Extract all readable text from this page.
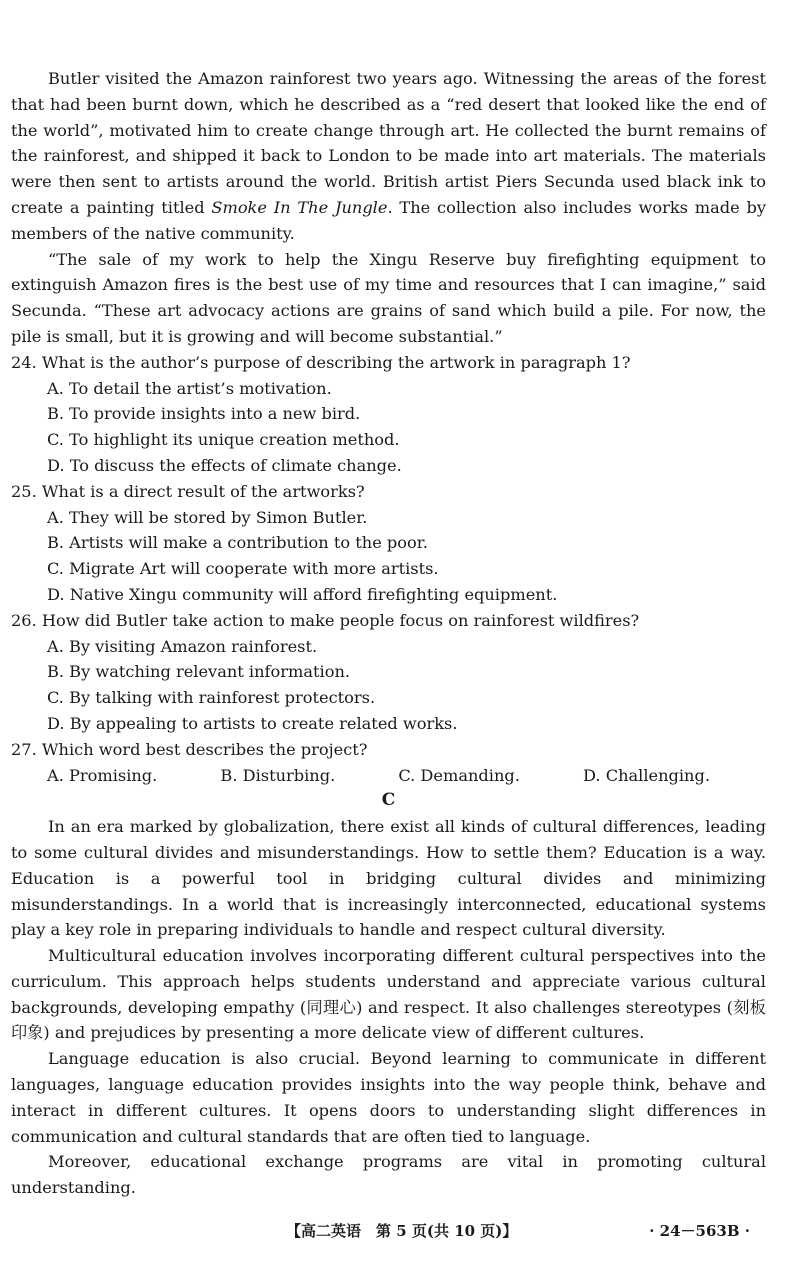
Butler visited the Amazon rainforest two years ago. Witnessing the areas of the forest that had been burnt down, which he described as a “red desert that looked like the end of the world”, motivated him to create change through art. He collected the burnt remains of the rainforest, and shipped it back to London to be made into art materials. The materials were then sent to artists around the world. British artist Piers Secunda used black ink to create a painting titled Smoke In The Jungle. The collection also includes works made by members of the native community.

“The sale of my work to help the Xingu Reserve buy firefighting equipment to extinguish Amazon fires is the best use of my time and resources that I can imagine,” said Secunda. “These art advocacy actions are grains of sand which build a pile. For now, the pile is small, but it is growing and will become substantial.”

24. What is the author’s purpose of describing the artwork in paragraph 1?

A. To detail the artist’s motivation.

B. To provide insights into a new bird.

C. To highlight its unique creation method.

D. To discuss the effects of climate change.

25. What is a direct result of the artworks?

A. They will be stored by Simon Butler.

B. Artists will make a contribution to the poor.

C. Migrate Art will cooperate with more artists.

D. Native Xingu community will afford firefighting equipment.

26. How did Butler take action to make people focus on rainforest wildfires?

A. By visiting Amazon rainforest.

B. By watching relevant information.

C. By talking with rainforest protectors.

D. By appealing to artists to create related works.

27. Which word best describes the project?

A. Promising.	B. Disturbing.	C. Demanding.	D. Challenging.

C

In an era marked by globalization, there exist all kinds of cultural differences, leading to some cultural divides and misunderstandings. How to settle them? Education is a way. Education is a powerful tool in bridging cultural divides and minimizing misunderstandings. In a world that is increasingly interconnected, educational systems play a key role in preparing individuals to handle and respect cultural diversity.

Multicultural education involves incorporating different cultural perspectives into the curriculum. This approach helps students understand and appreciate various cultural backgrounds, developing empathy (同理心) and respect. It also challenges stereotypes (刻板印象) and prejudices by presenting a more delicate view of different cultures.

Language education is also crucial. Beyond learning to communicate in different languages, language education provides insights into the way people think, behave and interact in different cultures. It opens doors to understanding slight differences in communication and cultural standards that are often tied to language.

Moreover, educational exchange programs are vital in promoting cultural understanding.

【高二英语　第 5 页(共 10 页)】	· 24－563B ·
